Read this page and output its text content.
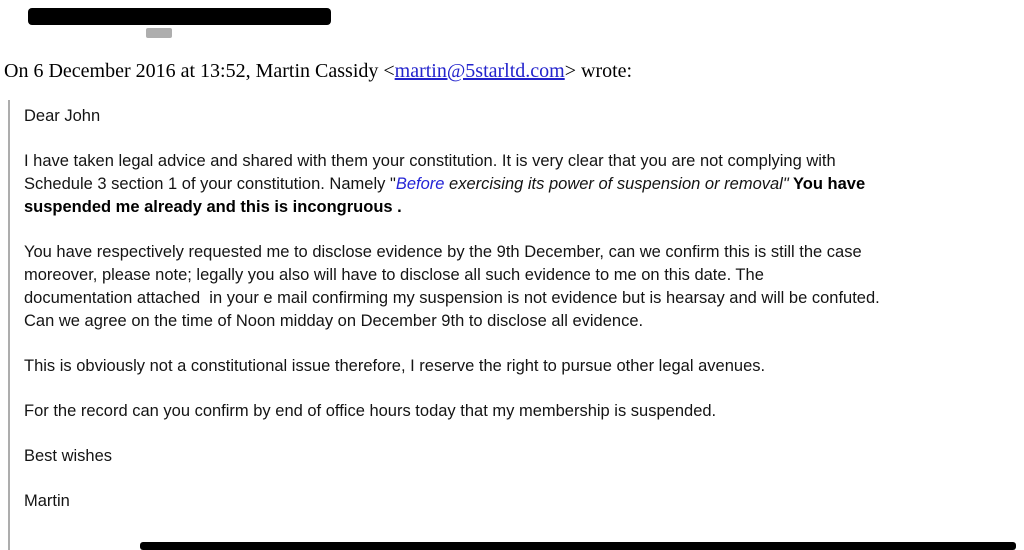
On 6 December 2016 at 13:52, Martin Cassidy <martin@5starltd.com> wrote:
Dear John
I have taken legal advice and shared with them your constitution. It is very clear that you are not complying with
Schedule 3 section 1 of your constitution. Namely "Before exercising its power of suspension or removal" You have
suspended me already and this is incongruous .
You have respectively requested me to disclose evidence by the 9th December, can we confirm this is still the case
moreover, please note; legally you also will have to disclose all such evidence to me on this date. The
documentation attached  in your e mail confirming my suspension is not evidence but is hearsay and will be confuted.
Can we agree on the time of Noon midday on December 9th to disclose all evidence.
This is obviously not a constitutional issue therefore, I reserve the right to pursue other legal avenues.
For the record can you confirm by end of office hours today that my membership is suspended.
Best wishes
Martin
